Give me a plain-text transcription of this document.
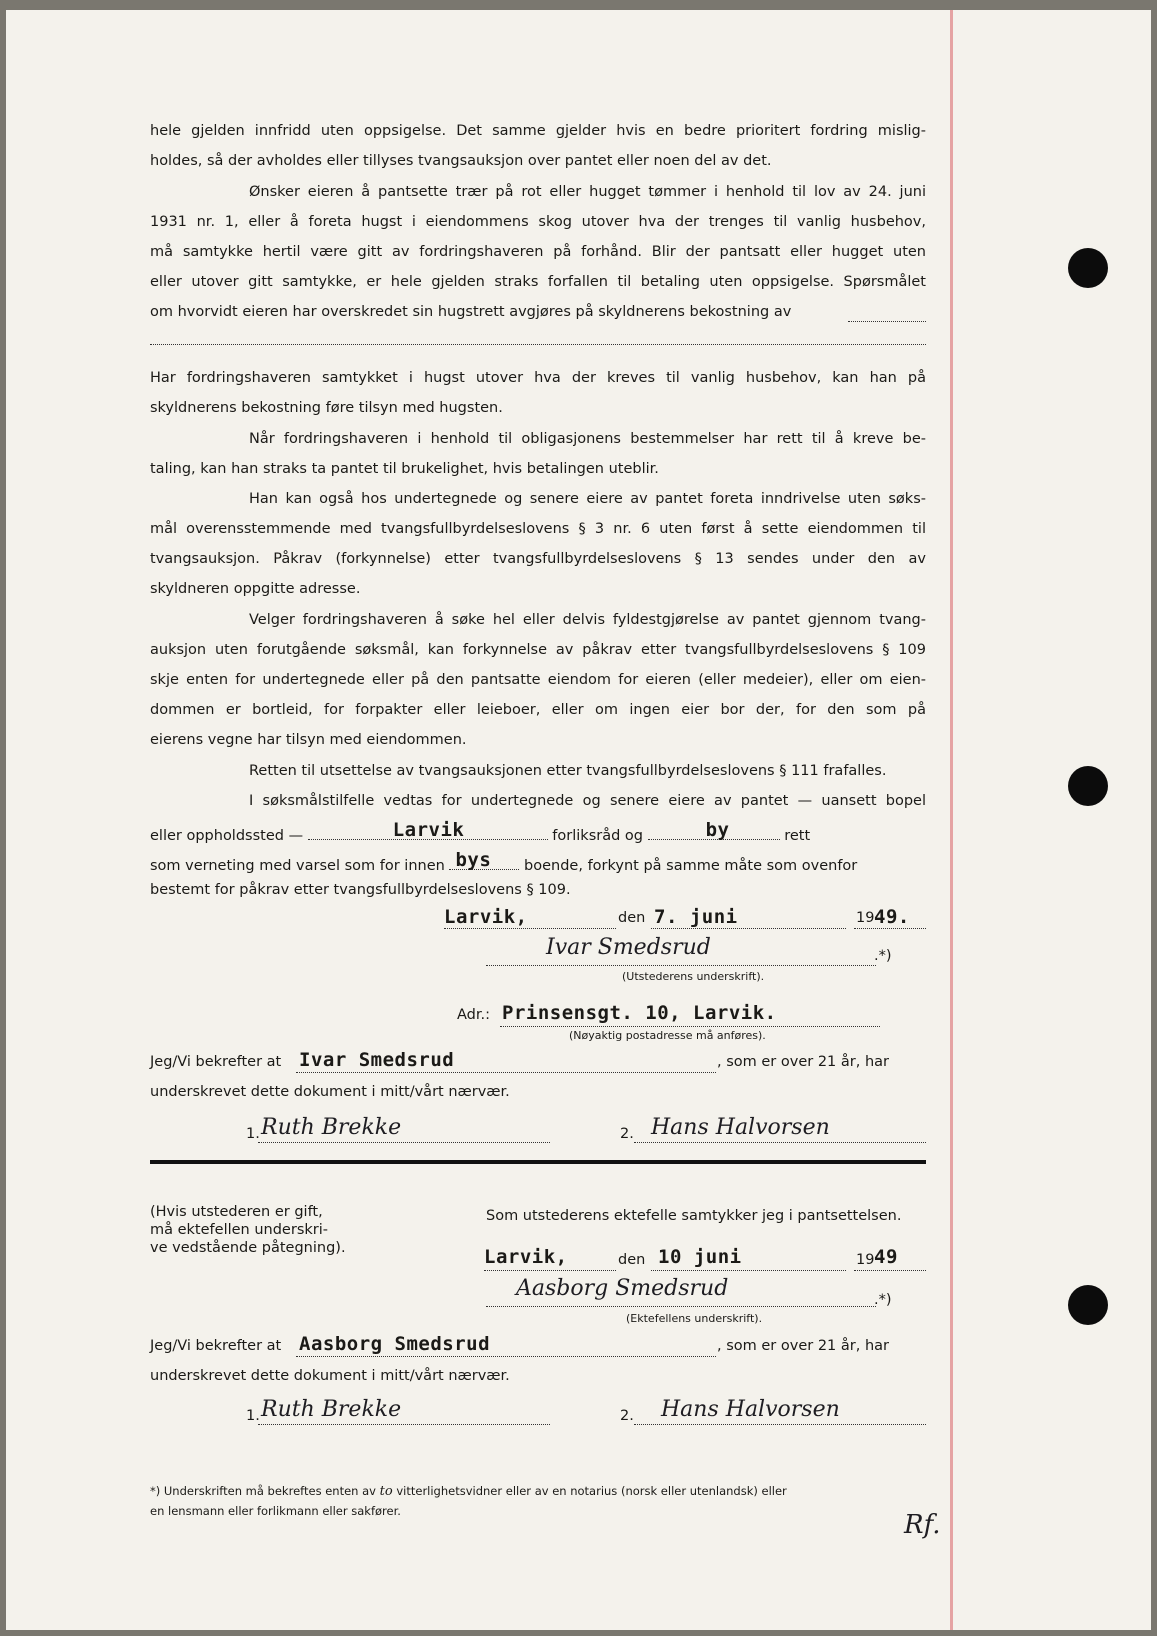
hele gjelden innfridd uten oppsigelse. Det samme gjelder hvis en bedre prioritert fordring mislig-
holdes, så der avholdes eller tillyses tvangsauksjon over pantet eller noen del av det.
Ønsker eieren å pantsette trær på rot eller hugget tømmer i henhold til lov av 24. juni
1931 nr. 1, eller å foreta hugst i eiendommens skog utover hva der trenges til vanlig husbehov,
må samtykke hertil være gitt av fordringshaveren på forhånd. Blir der pantsatt eller hugget uten
eller utover gitt samtykke, er hele gjelden straks forfallen til betaling uten oppsigelse. Spørsmålet
om hvorvidt eieren har overskredet sin hugstrett avgjøres på skyldnerens bekostning av
Har fordringshaveren samtykket i hugst utover hva der kreves til vanlig husbehov, kan han på
skyldnerens bekostning føre tilsyn med hugsten.
Når fordringshaveren i henhold til obligasjonens bestemmelser har rett til å kreve be-
taling, kan han straks ta pantet til brukelighet, hvis betalingen uteblir.
Han kan også hos undertegnede og senere eiere av pantet foreta inndrivelse uten søks-
mål overensstemmende med tvangsfullbyrdelseslovens § 3 nr. 6 uten først å sette eiendommen til
tvangsauksjon. Påkrav (forkynnelse) etter tvangsfullbyrdelseslovens § 13 sendes under den av
skyldneren oppgitte adresse.
Velger fordringshaveren å søke hel eller delvis fyldestgjørelse av pantet gjennom tvang-
auksjon uten forutgående søksmål, kan forkynnelse av påkrav etter tvangsfullbyrdelseslovens § 109
skje enten for undertegnede eller på den pantsatte eiendom for eieren (eller medeier), eller om eien-
dommen er bortleid, for forpakter eller leieboer, eller om ingen eier bor der, for den som på
eierens vegne har tilsyn med eiendommen.
Retten til utsettelse av tvangsauksjonen etter tvangsfullbyrdelseslovens § 111 frafalles.
I søksmålstilfelle vedtas for undertegnede og senere eiere av pantet — uansett bopel
eller oppholdssted —	Larvik	forliksråd og	by	rett
som verneting med varsel som for innen bys boende, forkynt på samme måte som ovenfor
bestemt for påkrav etter tvangsfullbyrdelseslovens § 109.
Larvik,	den 7. juni	19 49.
Ivar Smedsrud	.*)
(Utstederens underskrift).
Adr.: Prinsensgt. 10, Larvik.
(Nøyaktig postadresse må anføres).
Jeg/Vi bekrefter at Ivar Smedsrud	, som er over 21 år, har
underskrevet dette dokument i mitt/vårt nærvær.
1. Ruth Brekke	2. Hans Halvorsen
(Hvis utstederen er gift,
må ektefellen underskri-
ve vedstående påtegning).
Som utstederens ektefelle samtykker jeg i pantsettelsen.
Larvik,	den 10 juni	19 49
Aasborg Smedsrud	.*)
(Ektefellens underskrift).
Jeg/Vi bekrefter at Aasborg Smedsrud	, som er over 21 år, har
underskrevet dette dokument i mitt/vårt nærvær.
1. Ruth Brekke	2. Hans Halvorsen
*) Underskriften må bekreftes enten av to vitterlighetsvidner eller av en notarius (norsk eller utenlandsk) eller
en lensmann eller forlikmann eller sakfører.	Rf.
